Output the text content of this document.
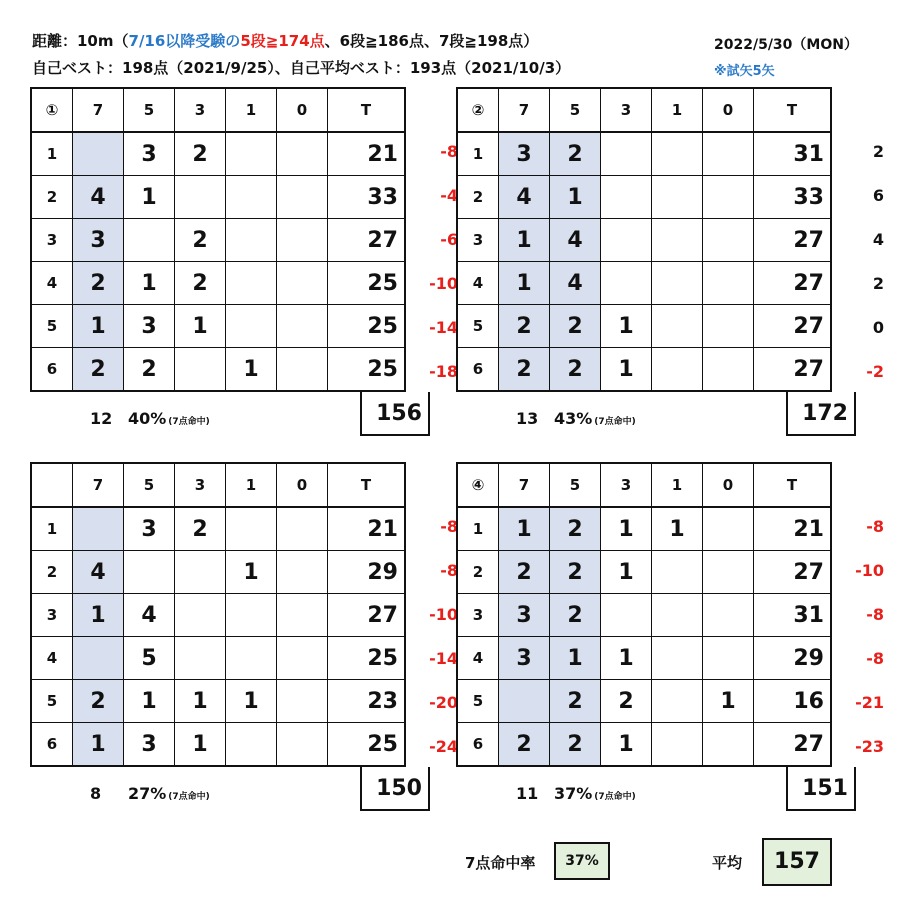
距離：10m（7/16以降受験の5段≧174点、6段≧186点、7段≧198点）
自己ベスト：198点（2021/9/25）、自己平均ベスト：193点（2021/10/3）
2022/5/30（MON）
※試矢5矢
-8
-4
-6
-10
-14
-18
①	7	5	3	1	0	T
1		3	2			21
2	4	1				33
3	3		2			27
4	2	1	2			25
5	1	3	1			25
6	2	2		1		25
12 40% (7点命中)	156
2
6
4
2
0
-2
②	7	5	3	1	0	T
1	3	2				31
2	4	1				33
3	1	4				27
4	1	4				27
5	2	2	1			27
6	2	2	1			27
13 43% (7点命中)	172
-8
-8
-10
-14
-20
-24
	7	5	3	1	0	T
1		3	2			21
2	4			1		29
3	1	4				27
4		5				25
5	2	1	1	1		23
6	1	3	1			25
8 27% (7点命中)	150
-8
-10
-8
-8
-21
-23
④	7	5	3	1	0	T
1	1	2	1	1		21
2	2	2	1			27
3	3	2				31
4	3	1	1			29
5		2	2		1	16
6	2	2	1			27
11 37% (7点命中)	151
7点命中率	37%	平均	157
